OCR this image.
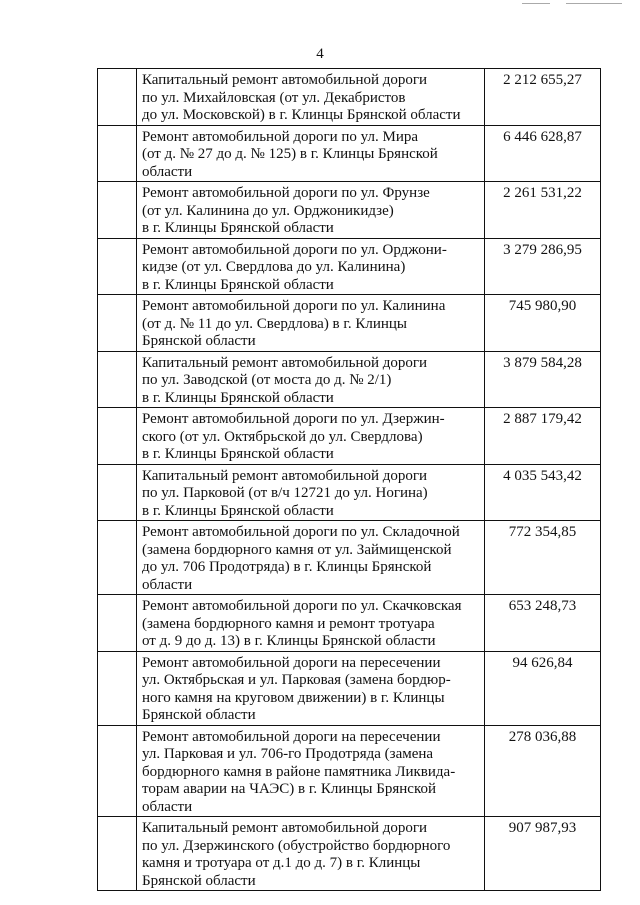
4

	Капитальный ремонт автомобильной дороги
по ул. Михайловская (от ул. Декабристов
до ул. Московской) в г. Клинцы Брянской области	2 212 655,27

	Ремонт автомобильной дороги по ул. Мира
(от д. № 27 до д. № 125) в г. Клинцы Брянской
области	6 446 628,87

	Ремонт автомобильной дороги по ул. Фрунзе
(от ул. Калинина до ул. Орджоникидзе)
в г. Клинцы Брянской области	2 261 531,22

	Ремонт автомобильной дороги по ул. Орджони-
кидзе (от ул. Свердлова до ул. Калинина)
в г. Клинцы Брянской области	3 279 286,95

	Ремонт автомобильной дороги по ул. Калинина
(от д. № 11 до ул. Свердлова) в г. Клинцы
Брянской области	745 980,90

	Капитальный ремонт автомобильной дороги
по ул. Заводской (от моста до д. № 2/1)
в г. Клинцы Брянской области	3 879 584,28

	Ремонт автомобильной дороги по ул. Дзержин-
ского (от ул. Октябрьской до ул. Свердлова)
в г. Клинцы Брянской области	2 887 179,42

	Капитальный ремонт автомобильной дороги
по ул. Парковой (от в/ч 12721 до ул. Ногина)
в г. Клинцы Брянской области	4 035 543,42

	Ремонт автомобильной дороги по ул. Складочной
(замена бордюрного камня от ул. Займищенской
до ул. 706 Продотряда) в г. Клинцы Брянской
области	772 354,85

	Ремонт автомобильной дороги по ул. Скачковская
(замена бордюрного камня и ремонт тротуара
от д. 9 до д. 13) в г. Клинцы Брянской области	653 248,73

	Ремонт автомобильной дороги на пересечении
ул. Октябрьская и ул. Парковая (замена бордюр-
ного камня на круговом движении) в г. Клинцы
Брянской области	94 626,84

	Ремонт автомобильной дороги на пересечении
ул. Парковая и ул. 706-го Продотряда (замена
бордюрного камня в районе памятника Ликвида-
торам аварии на ЧАЭС) в г. Клинцы Брянской
области	278 036,88

	Капитальный ремонт автомобильной дороги
по ул. Дзержинского (обустройство бордюрного
камня и тротуара от д.1 до д. 7) в г. Клинцы
Брянской области	907 987,93
